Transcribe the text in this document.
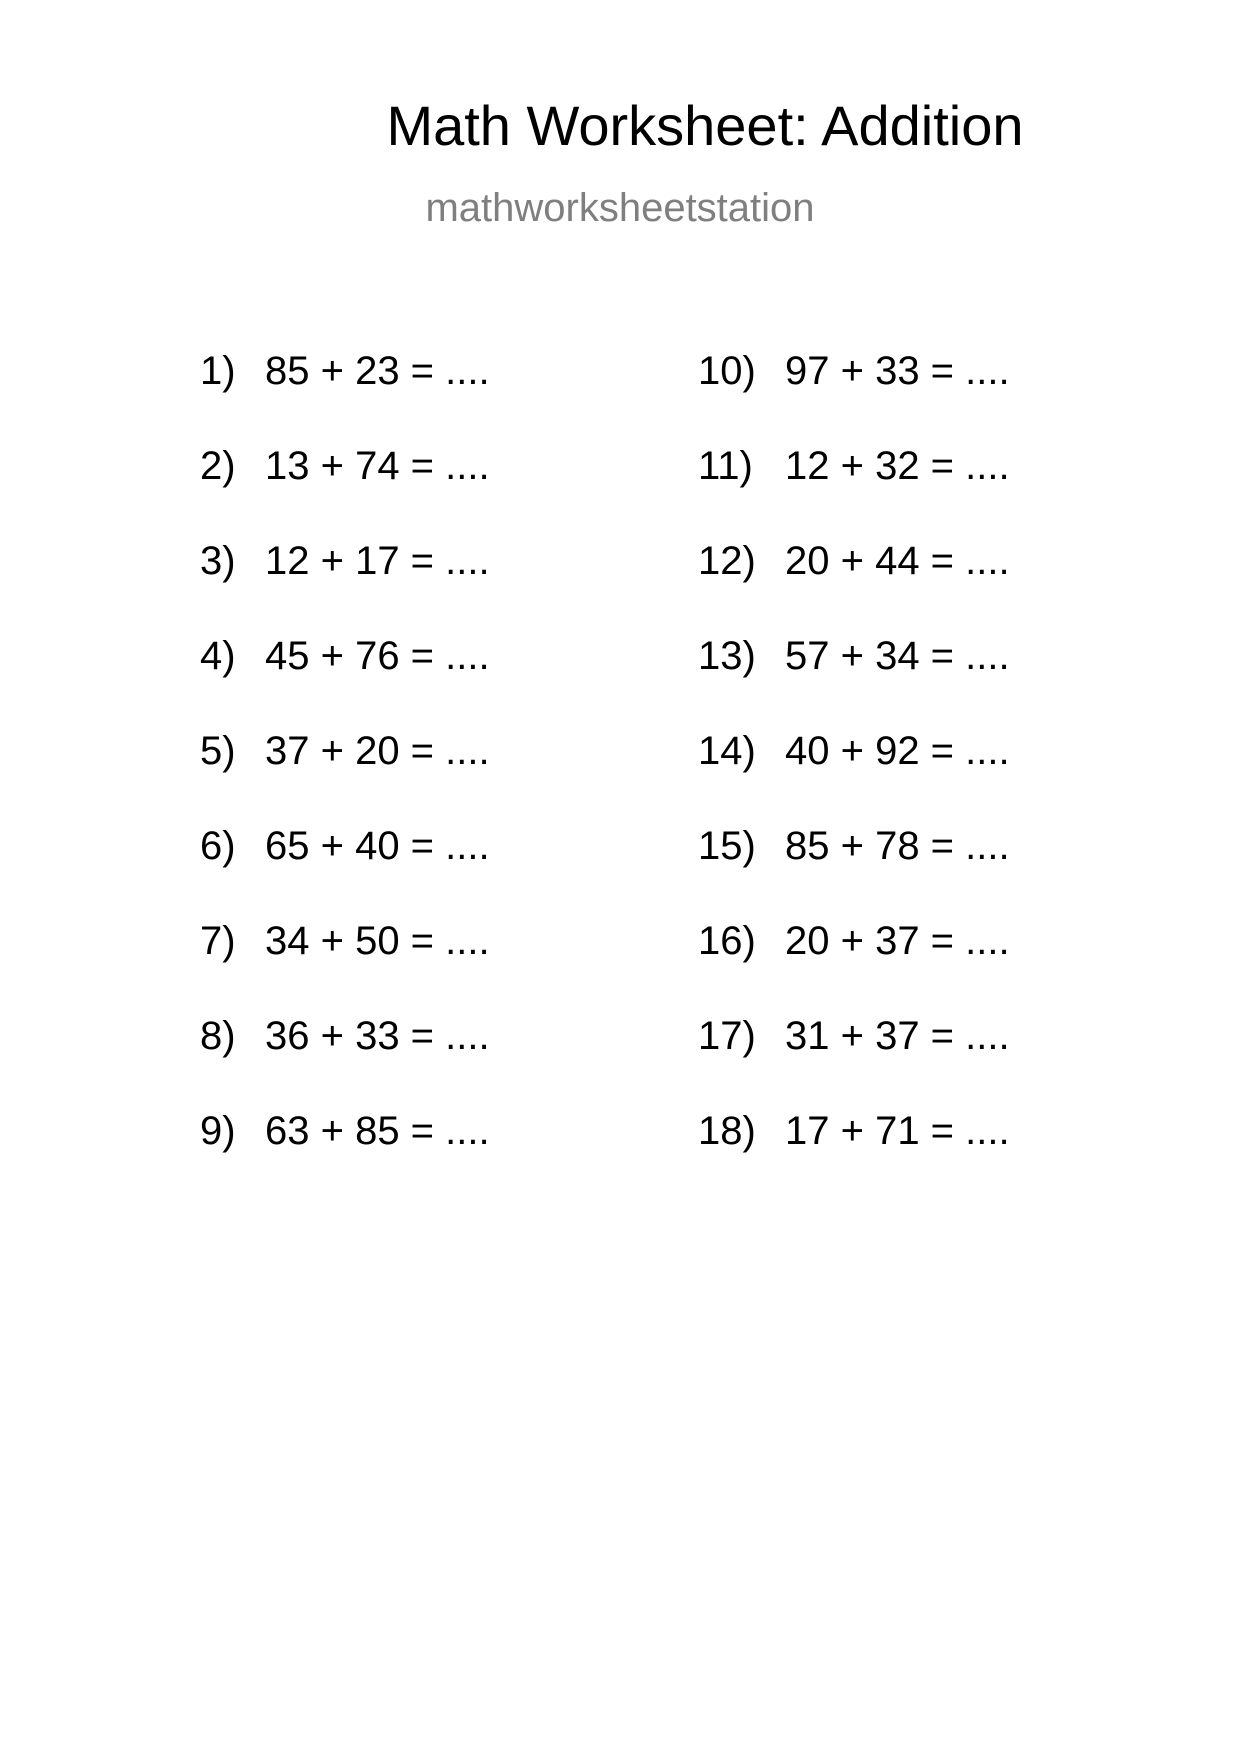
Math Worksheet: Addition
mathworksheetstation
1) 85 + 23 = ....
2) 13 + 74 = ....
3) 12 + 17 = ....
4) 45 + 76 = ....
5) 37 + 20 = ....
6) 65 + 40 = ....
7) 34 + 50 = ....
8) 36 + 33 = ....
9) 63 + 85 = ....
10) 97 + 33 = ....
11) 12 + 32 = ....
12) 20 + 44 = ....
13) 57 + 34 = ....
14) 40 + 92 = ....
15) 85 + 78 = ....
16) 20 + 37 = ....
17) 31 + 37 = ....
18) 17 + 71 = ....
